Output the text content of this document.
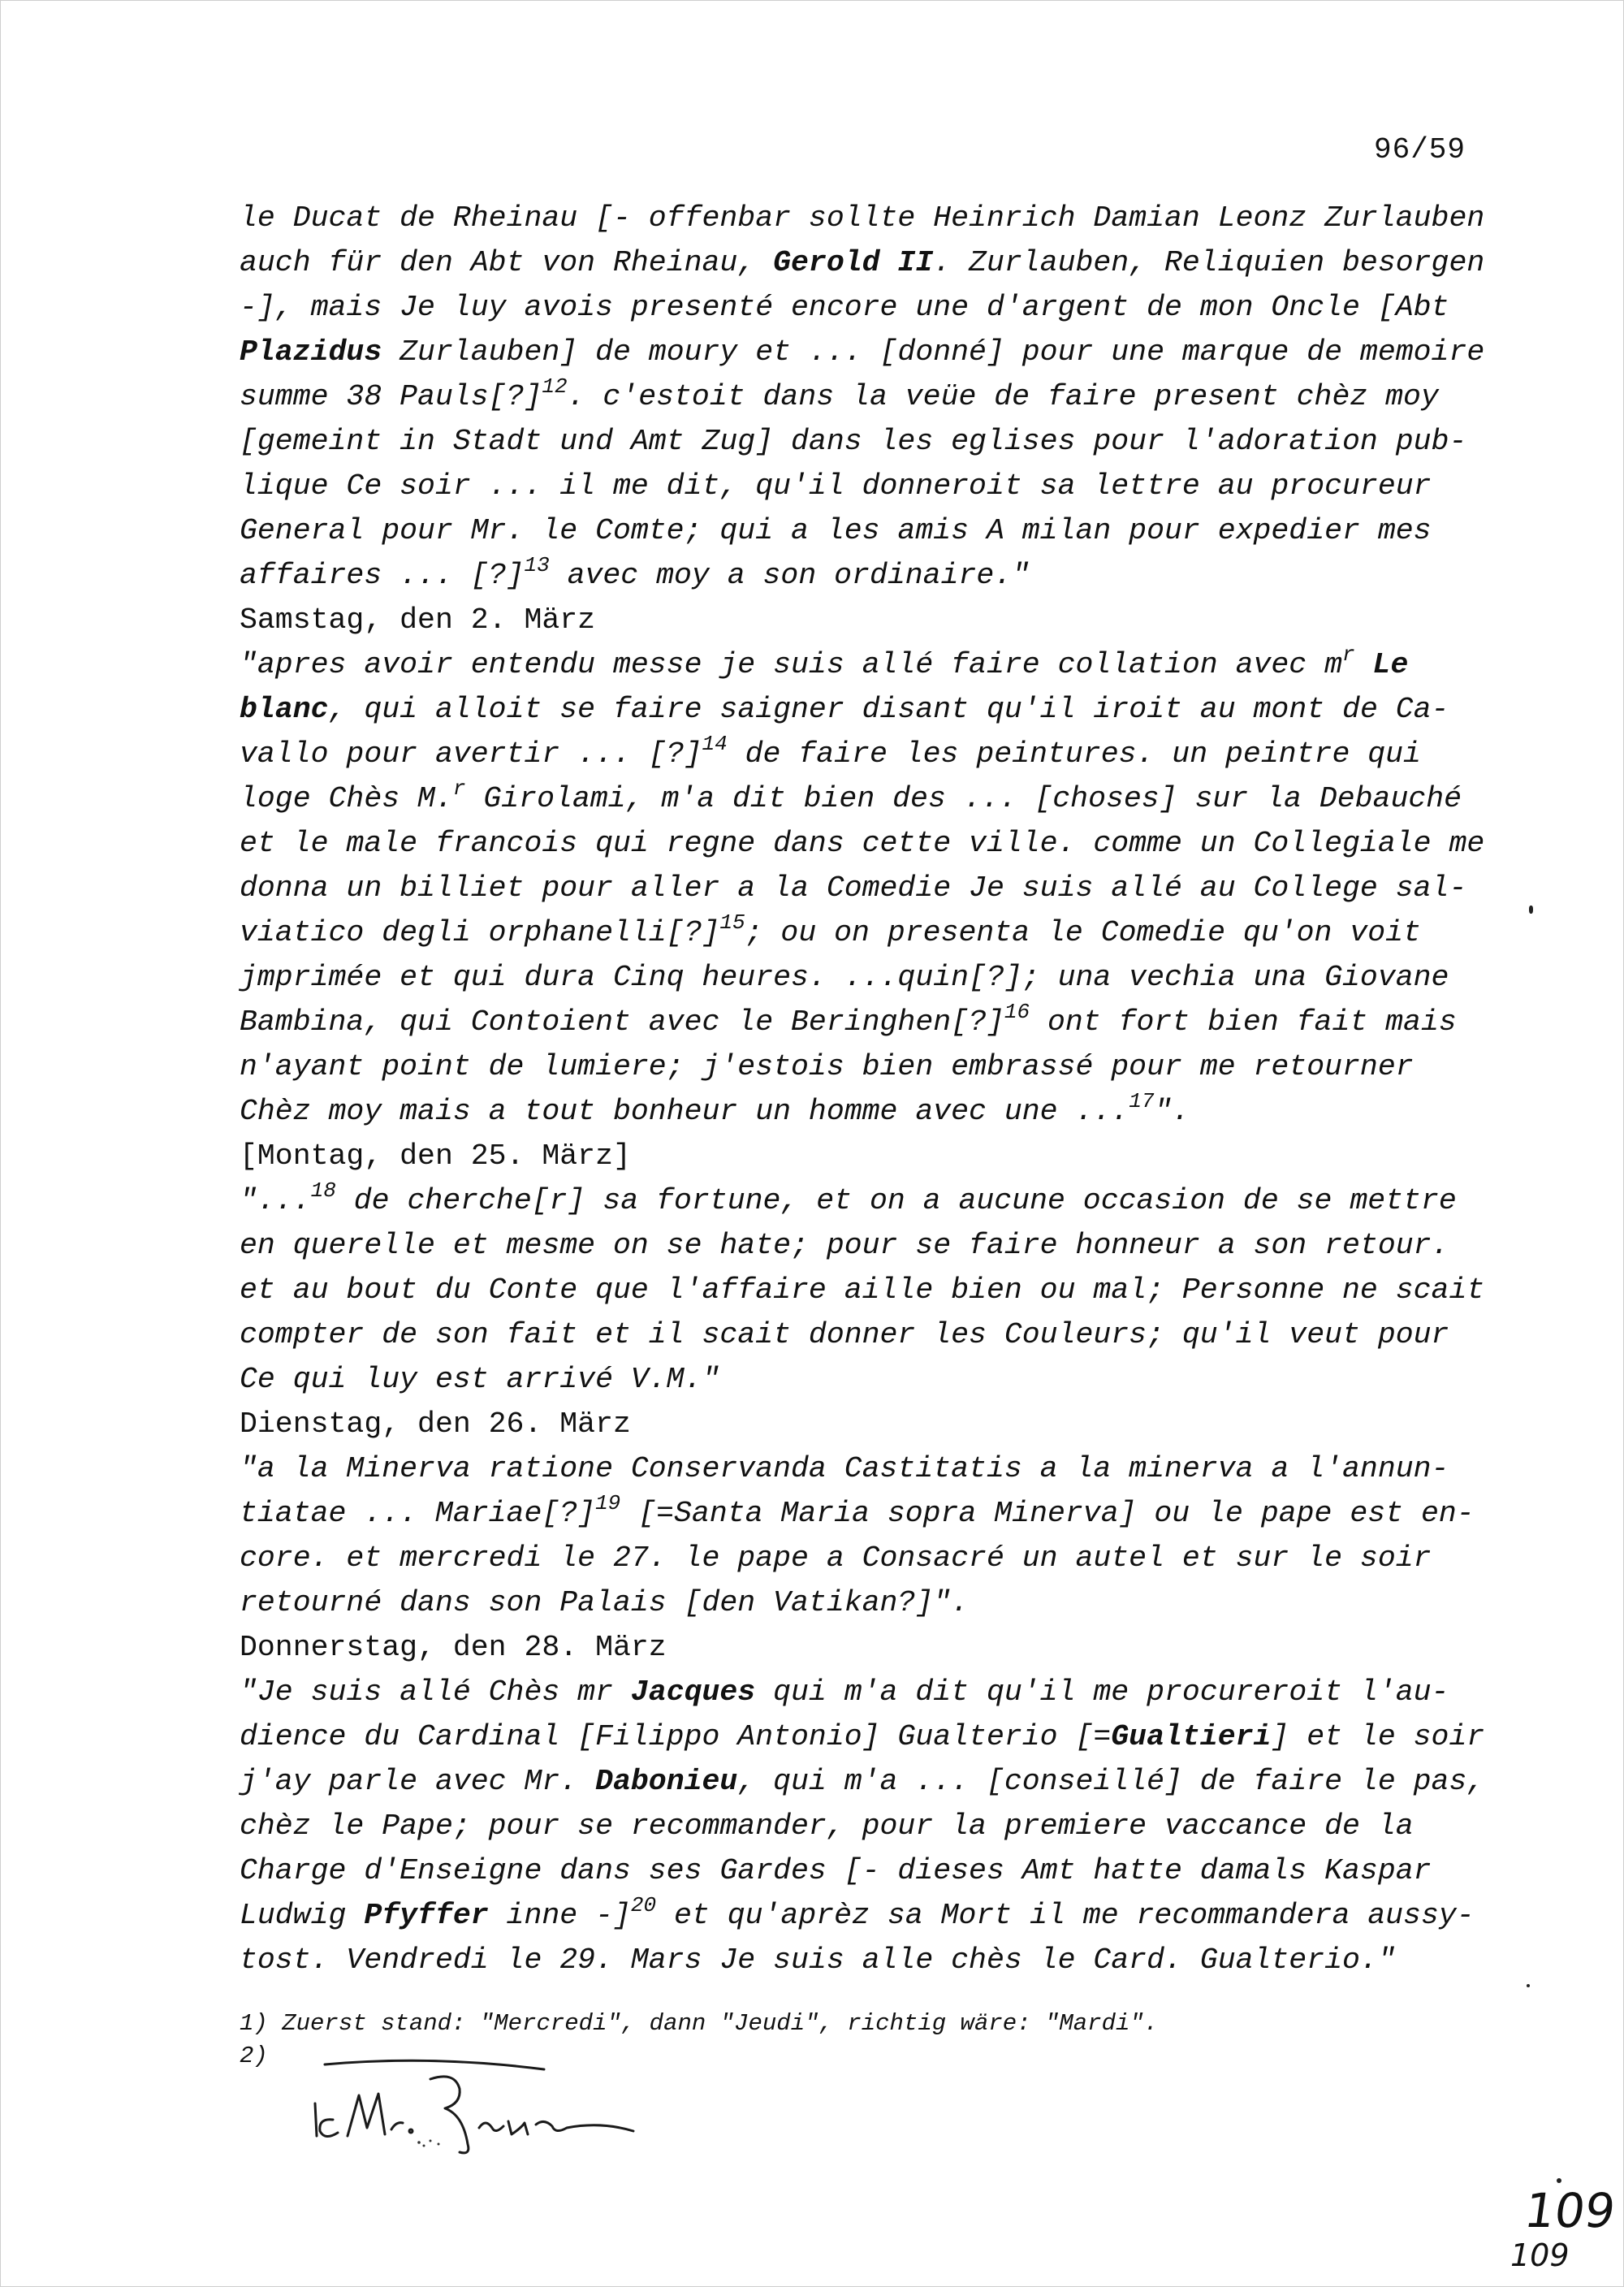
96/59
le Ducat de Rheinau [- offenbar sollte Heinrich Damian Leonz Zurlauben
auch für den Abt von Rheinau, Gerold II. Zurlauben, Reliquien besorgen
-], mais Je luy avois presenté encore une d'argent de mon Oncle [Abt
Plazidus Zurlauben] de moury et ... [donné] pour une marque de memoire
summe 38 Pauls[?]$^{12}$. c'estoit dans la veüe de faire present chèz moy
[gemeint in Stadt und Amt Zug] dans les eglises pour l'adoration pub-
lique Ce soir ... il me dit, qu'il donneroit sa lettre au procureur
General pour Mr. le Comte; qui a les amis A milan pour expedier mes
affaires ... [?]$^{13}$ avec moy a son ordinaire."
Samstag, den 2. März
"apres avoir entendu messe je suis allé faire collation avec $m^r$ Le
blanc, qui alloit se faire saigner disant qu'il iroit au mont de Ca-
vallo pour avertir ... [?]$^{14}$ de faire les peintures. un peintre qui
loge Chès M.$^r$ Girolami, m'a dit bien des ... [choses] sur la Debauché
et le male francois qui regne dans cette ville. comme un Collegiale me
donna un billiet pour aller a la Comedie Je suis allé au College sal-
viatico degli orphanelli[?]$^{15}$; ou on presenta le Comedie qu'on voit
jmprimée et qui dura Cinq heures. ...quin[?]; una vechia una Giovane
Bambina, qui Contoient avec le Beringhen[?]$^{16}$ ont fort bien fait mais
n'ayant point de lumiere; j'estois bien embrassé pour me retourner
Chèz moy mais a tout bonheur un homme avec une ...$^{17}$".
[Montag, den 25. März]
"...$^{18}$ de cherche[r] sa fortune, et on a aucune occasion de se mettre
en querelle et mesme on se hate; pour se faire honneur a son retour.
et au bout du Conte que l'affaire aille bien ou mal; Personne ne scait
compter de son fait et il scait donner les Couleurs; qu'il veut pour
Ce qui luy est arrivé V.M."
Dienstag, den 26. März
"a la Minerva ratione Conservanda Castitatis a la minerva a l'annun-
tiatae ... Mariae[?]$^{19}$ [=Santa Maria sopra Minerva] ou le pape est en-
core. et mercredi le 27. le pape a Consacré un autel et sur le soir
retourné dans son Palais [den Vatikan?]".
Donnerstag, den 28. März
"Je suis allé Chès mr Jacques qui m'a dit qu'il me procureroit l'au-
dience du Cardinal [Filippo Antonio] Gualterio [=Gualtieri] et le soir
j'ay parle avec Mr. Dabonieu, qui m'a ... [conseillé] de faire le pas,
chèz le Pape; pour se recommander, pour la premiere vaccance de la
Charge d'Enseigne dans ses Gardes [- dieses Amt hatte damals Kaspar
Ludwig Pfyffer inne -]$^{20}$ et qu'aprèz sa Mort il me recommandera aussy-
tost. Vendredi le 29. Mars Je suis alle chès le Card. Gualterio."
1) Zuerst stand: "Mercredi", dann "Jeudi", richtig wäre: "Mardi".
2)
109
109
